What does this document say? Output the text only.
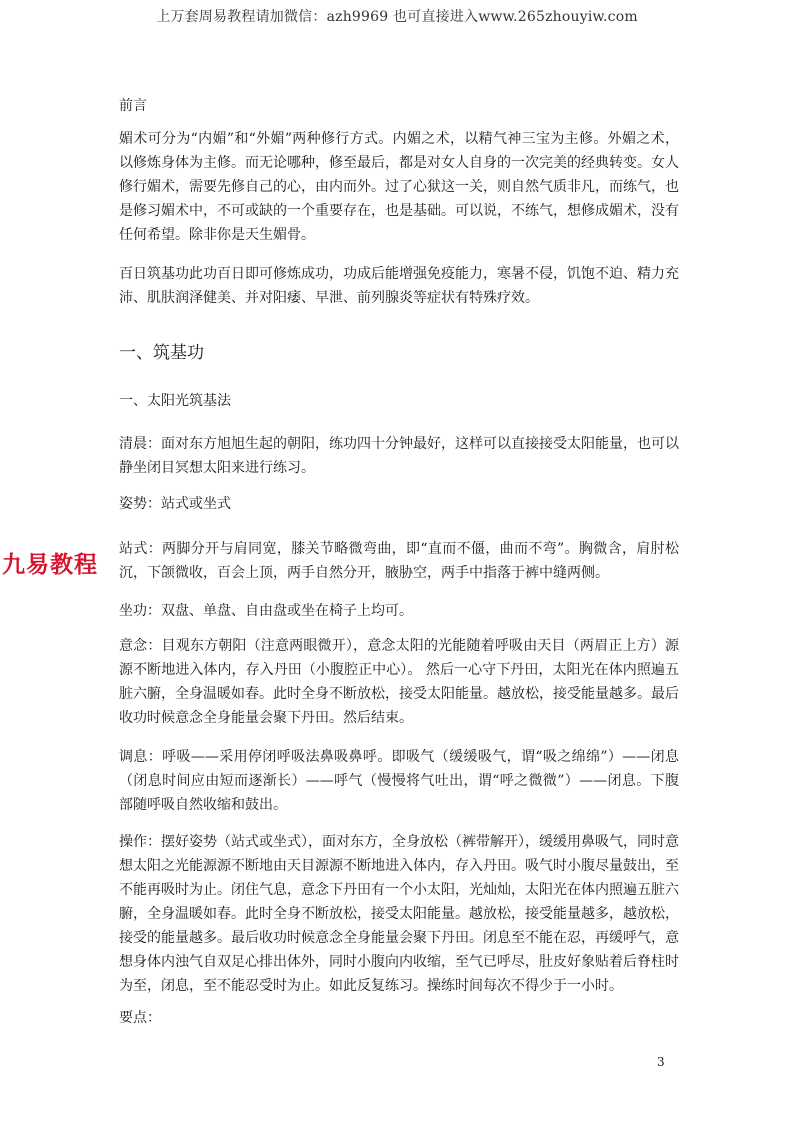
上万套周易教程请加微信：azh9969 也可直接进入www.265zhouyiw.com
九易教程

前言

媚术可分为“内媚”和“外媚”两种修行方式。内媚之术，以精气神三宝为主修。外媚之术，以修炼身体为主修。而无论哪种，修至最后，都是对女人自身的一次完美的经典转变。女人修行媚术，需要先修自己的心，由内而外。过了心狱这一关，则自然气质非凡，而练气，也是修习媚术中，不可或缺的一个重要存在，也是基础。可以说，不练气，想修成媚术，没有任何希望。除非你是天生媚骨。

百日筑基功此功百日即可修炼成功，功成后能增强免疫能力，寒暑不侵，饥饱不迫、精力充沛、肌肤润泽健美、并对阳痿、早泄、前列腺炎等症状有特殊疗效。

一、筑基功

一、太阳光筑基法

清晨：面对东方旭旭生起的朝阳，练功四十分钟最好，这样可以直接接受太阳能量，也可以静坐闭目冥想太阳来进行练习。

姿势：站式或坐式

站式：两脚分开与肩同宽，膝关节略微弯曲，即“直而不僵，曲而不弯”。胸微含，肩肘松沉，下颌微收，百会上顶，两手自然分开，腋胁空，两手中指落于裤中缝两侧。

坐功：双盘、单盘、自由盘或坐在椅子上均可。

意念：目观东方朝阳（注意两眼微开），意念太阳的光能随着呼吸由天目（两眉正上方）源源不断地进入体内，存入丹田（小腹腔正中心）。 然后一心守下丹田，太阳光在体内照遍五脏六腑，全身温暖如春。此时全身不断放松，接受太阳能量。越放松，接受能量越多。最后收功时候意念全身能量会聚下丹田。然后结束。

调息：呼吸——采用停闭呼吸法鼻吸鼻呼。即吸气（缓缓吸气，谓“吸之绵绵”）——闭息（闭息时间应由短而逐渐长）——呼气（慢慢将气吐出，谓“呼之微微”）——闭息。下腹部随呼吸自然收缩和鼓出。

操作：摆好姿势（站式或坐式），面对东方，全身放松（裤带解开），缓缓用鼻吸气，同时意想太阳之光能源源不断地由天目源源不断地进入体内，存入丹田。吸气时小腹尽量鼓出，至不能再吸时为止。闭住气息，意念下丹田有一个小太阳，光灿灿，太阳光在体内照遍五脏六腑，全身温暖如春。此时全身不断放松，接受太阳能量。越放松，接受能量越多，越放松，接受的能量越多。最后收功时候意念全身能量会聚下丹田。闭息至不能在忍，再缓呼气，意想身体内浊气自双足心排出体外，同时小腹向内收缩，至气已呼尽，肚皮好象贴着后脊柱时为至，闭息，至不能忍受时为止。如此反复练习。操练时间每次不得少于一小时。

要点：

3
